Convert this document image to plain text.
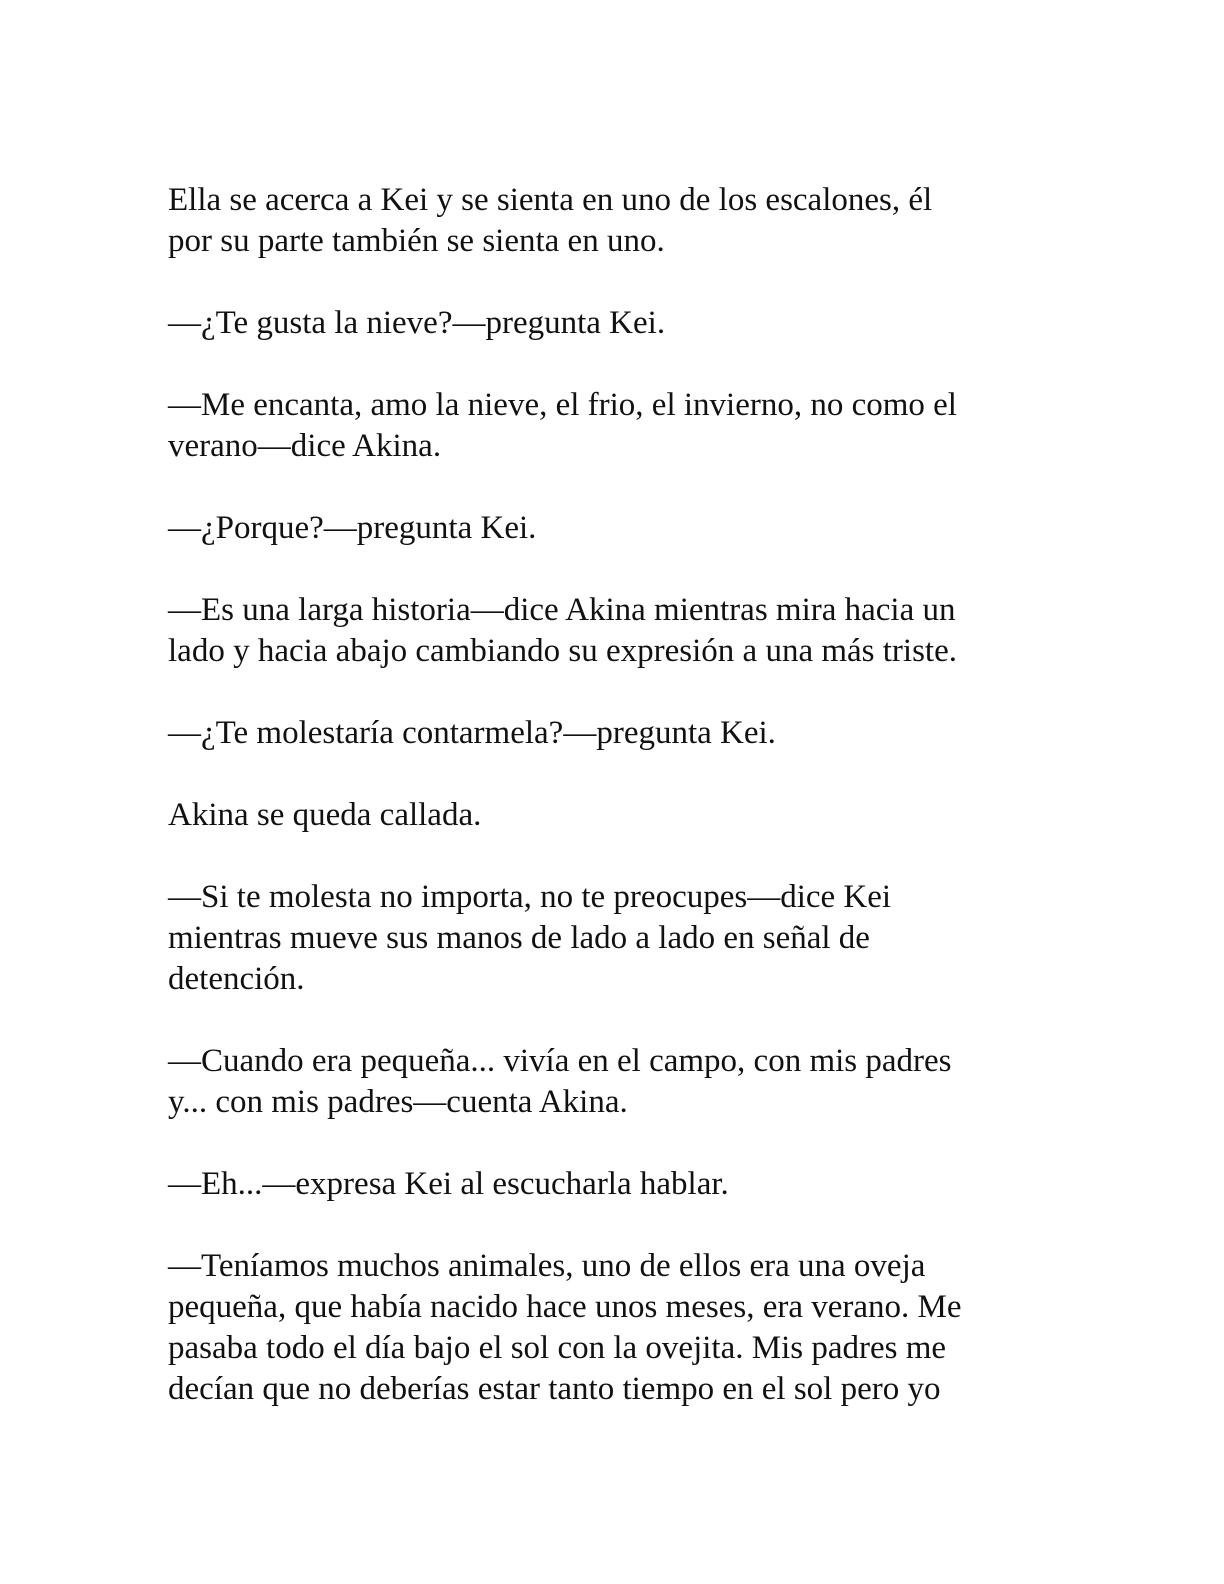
Ella se acerca a Kei y se sienta en uno de los escalones, él
por su parte también se sienta en uno.

—¿Te gusta la nieve?—pregunta Kei.

—Me encanta, amo la nieve, el frio, el invierno, no como el
verano—dice Akina.

—¿Porque?—pregunta Kei.

—Es una larga historia—dice Akina mientras mira hacia un
lado y hacia abajo cambiando su expresión a una más triste.

—¿Te molestaría contarmela?—pregunta Kei.

Akina se queda callada.

—Si te molesta no importa, no te preocupes—dice Kei
mientras mueve sus manos de lado a lado en señal de
detención.

—Cuando era pequeña... vivía en el campo, con mis padres
y... con mis padres—cuenta Akina.

—Eh...—expresa Kei al escucharla hablar.

—Teníamos muchos animales, uno de ellos era una oveja
pequeña, que había nacido hace unos meses, era verano. Me
pasaba todo el día bajo el sol con la ovejita. Mis padres me
decían que no deberías estar tanto tiempo en el sol pero yo
